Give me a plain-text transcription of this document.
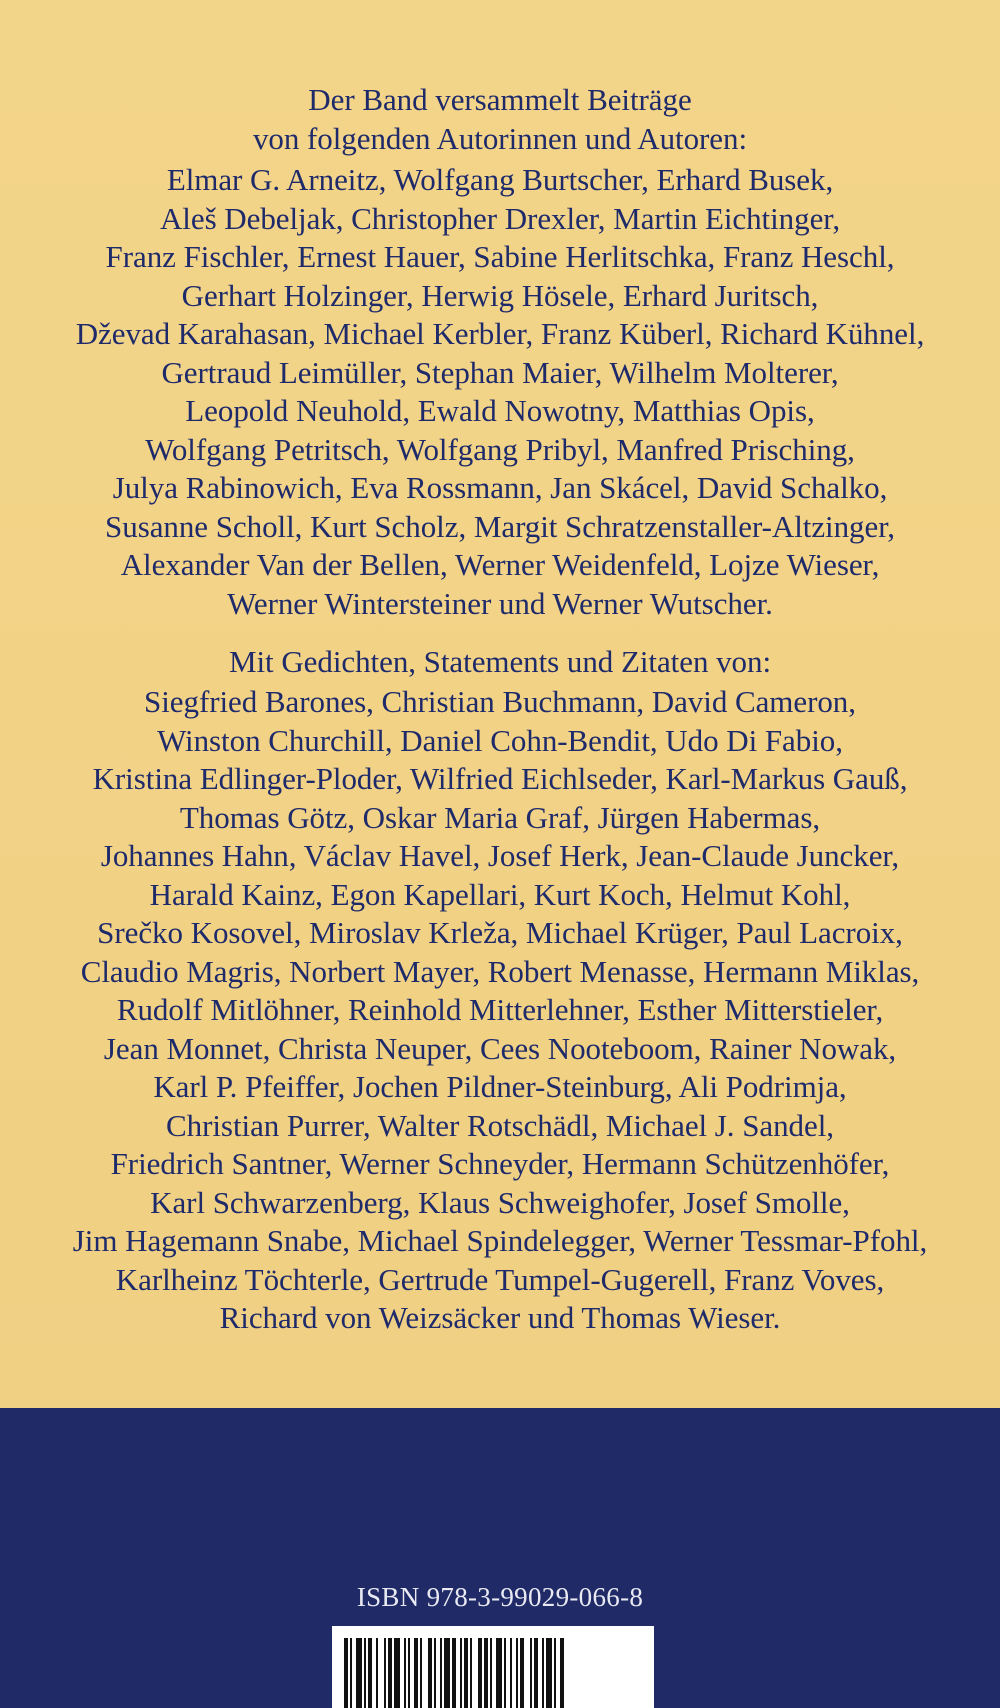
Der Band versammelt Beiträge
von folgenden Autorinnen und Autoren:
Elmar G. Arneitz, Wolfgang Burtscher, Erhard Busek,
Aleš Debeljak, Christopher Drexler, Martin Eichtinger,
Franz Fischler, Ernest Hauer, Sabine Herlitschka, Franz Heschl,
Gerhart Holzinger, Herwig Hösele, Erhard Juritsch,
Dževad Karahasan, Michael Kerbler, Franz Küberl, Richard Kühnel,
Gertraud Leimüller, Stephan Maier, Wilhelm Molterer,
Leopold Neuhold, Ewald Nowotny, Matthias Opis,
Wolfgang Petritsch, Wolfgang Pribyl, Manfred Prisching,
Julya Rabinowich, Eva Rossmann, Jan Skácel, David Schalko,
Susanne Scholl, Kurt Scholz, Margit Schratzenstaller-Altzinger,
Alexander Van der Bellen, Werner Weidenfeld, Lojze Wieser,
Werner Wintersteiner und Werner Wutscher.
Mit Gedichten, Statements und Zitaten von:
Siegfried Barones, Christian Buchmann, David Cameron,
Winston Churchill, Daniel Cohn-Bendit, Udo Di Fabio,
Kristina Edlinger-Ploder, Wilfried Eichlseder, Karl-Markus Gauß,
Thomas Götz, Oskar Maria Graf, Jürgen Habermas,
Johannes Hahn, Václav Havel, Josef Herk, Jean-Claude Juncker,
Harald Kainz, Egon Kapellari, Kurt Koch, Helmut Kohl,
Srečko Kosovel, Miroslav Krleža, Michael Krüger, Paul Lacroix,
Claudio Magris, Norbert Mayer, Robert Menasse, Hermann Miklas,
Rudolf Mitlöhner, Reinhold Mitterlehner, Esther Mitterstieler,
Jean Monnet, Christa Neuper, Cees Nooteboom, Rainer Nowak,
Karl P. Pfeiffer, Jochen Pildner-Steinburg, Ali Podrimja,
Christian Purrer, Walter Rotschädl, Michael J. Sandel,
Friedrich Santner, Werner Schneyder, Hermann Schützenhöfer,
Karl Schwarzenberg, Klaus Schweighofer, Josef Smolle,
Jim Hagemann Snabe, Michael Spindelegger, Werner Tessmar-Pfohl,
Karlheinz Töchterle, Gertrude Tumpel-Gugerell, Franz Voves,
Richard von Weizsäcker und Thomas Wieser.
ISBN 978-3-99029-066-8
